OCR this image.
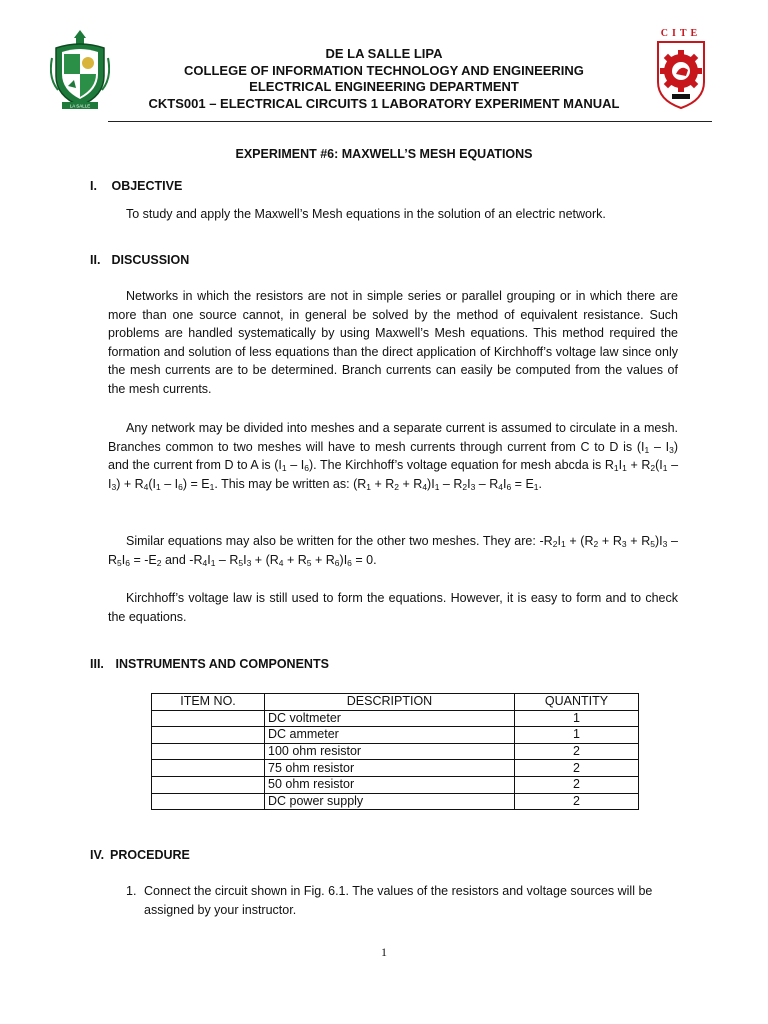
LA SALLE
DE LA SALLE LIPA
COLLEGE OF INFORMATION TECHNOLOGY AND ENGINEERING
ELECTRICAL ENGINEERING DEPARTMENT
CKTS001 – ELECTRICAL CIRCUITS 1 LABORATORY EXPERIMENT MANUAL
CITE
EXPERIMENT #6: MAXWELL’S MESH EQUATIONS
I. OBJECTIVE
To study and apply the Maxwell’s Mesh equations in the solution of an electric network.
II. DISCUSSION
Networks in which the resistors are not in simple series or parallel grouping or in which there are more than one source cannot, in general be solved by the method of equivalent resistance. Such problems are handled systematically by using Maxwell’s Mesh equations. This method required the formation and solution of less equations than the direct application of Kirchhoff’s voltage law since only the mesh currents are to be determined. Branch currents can easily be computed from the values of the mesh currents.
Any network may be divided into meshes and a separate current is assumed to circulate in a mesh. Branches common to two meshes will have to mesh currents through current from C to D is $(I_1 - I_3)$ and the current from D to A is $(I_1 - I_6)$. The Kirchhoff’s voltage equation for mesh abcda is $R_1I_1 + R_2(I_1 - I_3) + R_4(I_1 - I_6) = E_1$. This may be written as: $(R_1 + R_2 + R_4)I_1 - R_2I_3 - R_4I_6 = E_1$.
Similar equations may also be written for the other two meshes. They are: $-R_2I_1 + (R_2 + R_3 + R_5)I_3 - R_5I_6 = -E_2$ and $-R_4I_1 - R_5I_3 + (R_4 + R_5 + R_6)I_6 = 0$.
Kirchhoff’s voltage law is still used to form the equations. However, it is easy to form and to check the equations.
III. INSTRUMENTS AND COMPONENTS
ITEM NO.	DESCRIPTION	QUANTITY
	DC voltmeter	1
	DC ammeter	1
	100 ohm resistor	2
	75 ohm resistor	2
	50 ohm resistor	2
	DC power supply	2
IV. PROCEDURE
1. Connect the circuit shown in Fig. 6.1. The values of the resistors and voltage sources will be assigned by your instructor.
1
